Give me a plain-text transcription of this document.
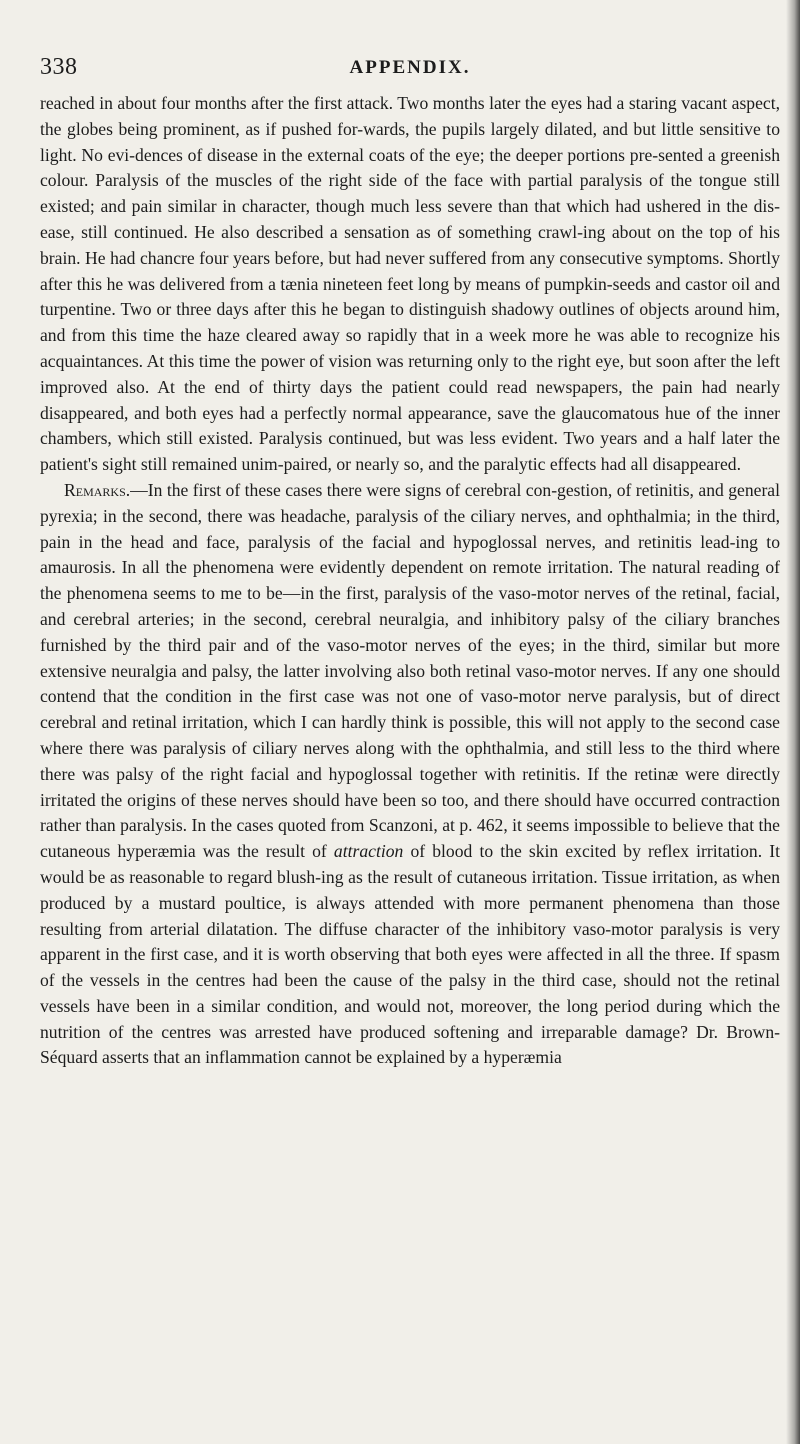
338	APPENDIX.

reached in about four months after the first attack. Two months later the eyes had a staring vacant aspect, the globes being prominent, as if pushed for-wards, the pupils largely dilated, and but little sensitive to light. No evi-dences of disease in the external coats of the eye; the deeper portions pre-sented a greenish colour. Paralysis of the muscles of the right side of the face with partial paralysis of the tongue still existed; and pain similar in character, though much less severe than that which had ushered in the dis-ease, still continued. He also described a sensation as of something crawl-ing about on the top of his brain. He had chancre four years before, but had never suffered from any consecutive symptoms. Shortly after this he was delivered from a tænia nineteen feet long by means of pumpkin-seeds and castor oil and turpentine. Two or three days after this he began to distinguish shadowy outlines of objects around him, and from this time the haze cleared away so rapidly that in a week more he was able to recognize his acquaintances. At this time the power of vision was returning only to the right eye, but soon after the left improved also. At the end of thirty days the patient could read newspapers, the pain had nearly disappeared, and both eyes had a perfectly normal appearance, save the glaucomatous hue of the inner chambers, which still existed. Paralysis continued, but was less evident. Two years and a half later the patient's sight still remained unim-paired, or nearly so, and the paralytic effects had all disappeared.

Remarks.—In the first of these cases there were signs of cerebral con-gestion, of retinitis, and general pyrexia; in the second, there was headache, paralysis of the ciliary nerves, and ophthalmia; in the third, pain in the head and face, paralysis of the facial and hypoglossal nerves, and retinitis lead-ing to amaurosis. In all the phenomena were evidently dependent on remote irritation. The natural reading of the phenomena seems to me to be—in the first, paralysis of the vaso-motor nerves of the retinal, facial, and cerebral arteries; in the second, cerebral neuralgia, and inhibitory palsy of the ciliary branches furnished by the third pair and of the vaso-motor nerves of the eyes; in the third, similar but more extensive neuralgia and palsy, the latter involving also both retinal vaso-motor nerves. If any one should contend that the condition in the first case was not one of vaso-motor nerve paralysis, but of direct cerebral and retinal irritation, which I can hardly think is possible, this will not apply to the second case where there was paralysis of ciliary nerves along with the ophthalmia, and still less to the third where there was palsy of the right facial and hypoglossal together with retinitis. If the retinæ were directly irritated the origins of these nerves should have been so too, and there should have occurred contraction rather than paralysis. In the cases quoted from Scanzoni, at p. 462, it seems impossible to believe that the cutaneous hyperæmia was the result of attraction of blood to the skin excited by reflex irritation. It would be as reasonable to regard blush-ing as the result of cutaneous irritation. Tissue irritation, as when produced by a mustard poultice, is always attended with more permanent phenomena than those resulting from arterial dilatation. The diffuse character of the inhibitory vaso-motor paralysis is very apparent in the first case, and it is worth observing that both eyes were affected in all the three. If spasm of the vessels in the centres had been the cause of the palsy in the third case, should not the retinal vessels have been in a similar condition, and would not, moreover, the long period during which the nutrition of the centres was arrested have produced softening and irreparable damage? Dr. Brown-Séquard asserts that an inflammation cannot be explained by a hyperæmia
